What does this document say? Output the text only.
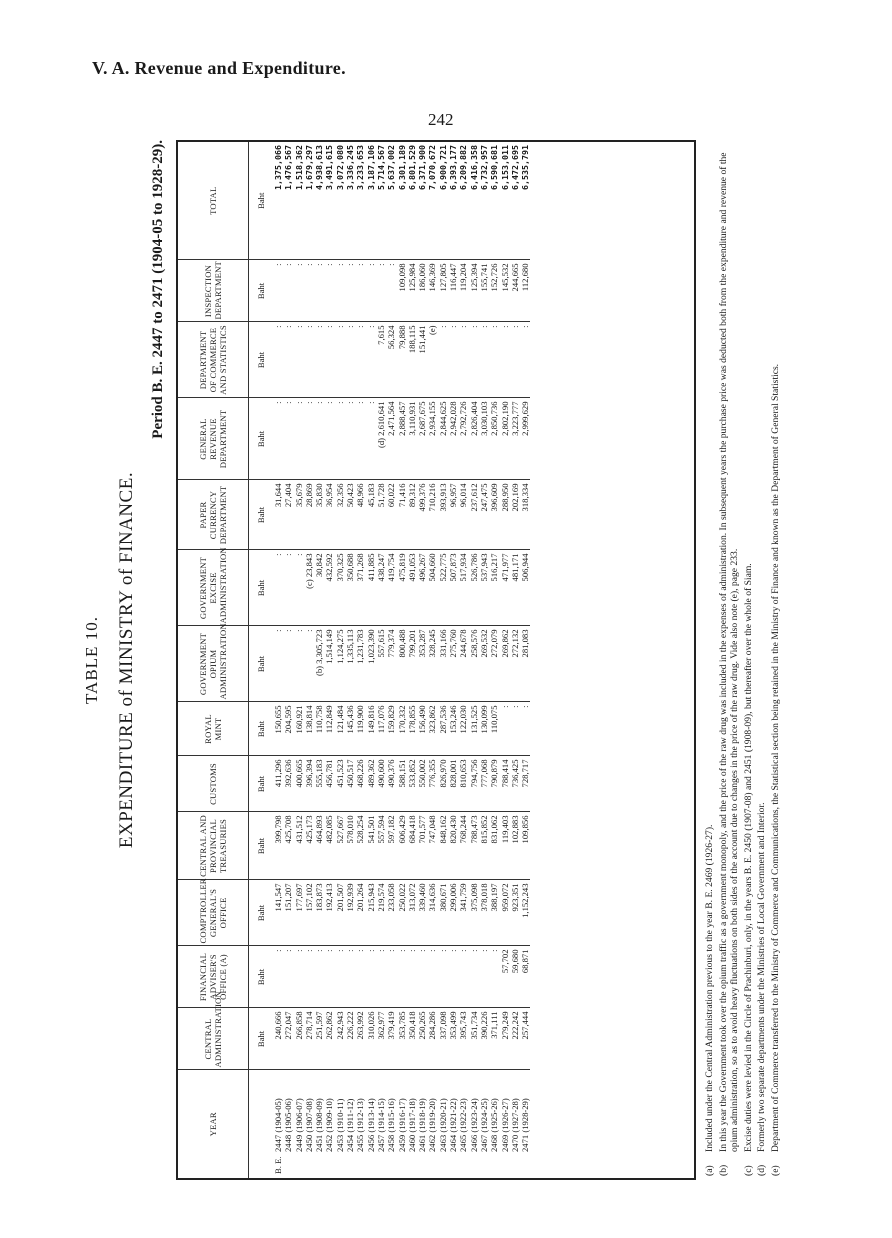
V. A. Revenue and Expenditure.
242
TABLE 10. EXPENDITURE of MINISTRY of FINANCE.
Period B. E. 2447 to 2471 (1904-05 to 1928-29).
YEAR	CENTRAL ADMINISTRATION	FINANCIAL ADVISER'S OFFICE (A)	COMPTROLLER GENERAL'S OFFICE	CENTRAL AND PROVINCIAL TREASURIES	CUSTOMS	ROYAL MINT	GOVERNMENT OPIUM ADMINISTRATION	GOVERNMENT EXCISE ADMINISTRATION	PAPER CURRENCY DEPARTMENT	GENERAL REVENUE DEPARTMENT	DEPARTMENT OF COMMERCE AND STATISTICS	INSPECTION DEPARTMENT	TOTAL
	Baht	Baht	Baht	Baht	Baht	Baht	Baht	Baht	Baht	Baht	Baht	Baht	Baht
B. E.2447 (1904-05)	240,666	:	141,547	399,798	411,296	150,655	:	:	31,644	:	:	:	1,375,066
2448 (1905-06)	272,047	:	151,207	425,708	392,636	204,595	:	:	27,404	:	:	:	1,476,567
2449 (1906-07)	266,858	:	177,697	431,512	400,665	160,921	:	:	35,679	:	:	:	1,518,362
2450 (1907-08)	278,714	:	157,102	425,173	396,394	138,814	:	(c) 23,843	28,869	:	:	:	1,679,297
2451 (1908-09)	251,597	:	183,873	464,893	555,183	110,758	(b) 3,305,723	30,842	35,830	:	:	:	4,938,613
2452 (1909-10)	262,862	:	192,413	482,085	456,781	112,849	1,514,149	432,592	36,954	:	:	:	3,491,615
2453 (1910-11)	242,943	:	201,507	527,667	451,523	121,484	1,124,275	370,325	32,356	:	:	:	3,072,080
2454 (1911-12)	226,222	:	192,939	578,010	450,517	145,436	1,335,113	350,688	50,423	:	:	:	3,336,245
2455 (1912-13)	263,992	:	201,264	528,254	468,226	119,900	1,231,783	371,268	48,966	:	:	:	3,233,653
2456 (1913-14)	310,026	:	215,943	541,501	489,362	149,816	1,023,390	411,885	45,183	:	:	:	3,187,106
2457 (1914-15)	362,977	:	219,574	557,594	490,600	117,076	557,615	438,247	51,728	(d) 2,610,641	7,615	:	5,714,567
2458 (1915-16)	379,419	:	233,058	597,182	490,376	159,829	779,374	419,754	60,022	2,471,564	56,324	:	5,637,002
2459 (1916-17)	353,785	:	250,022	606,429	588,151	170,332	800,488	475,819	71,416	2,888,457	79,888	109,098	6,301,189
2460 (1917-18)	350,418	:	313,072	684,418	533,852	178,855	799,201	491,053	89,312	3,110,931	188,115	125,984	6,801,529
2461 (1918-19)	250,265	:	339,460	701,577	550,002	156,490	353,287	496,267	499,376	2,687,675	151,441	186,060	6,371,900
2462 (1919-20)	284,286	:	314,636	747,048	776,355	323,862	328,245	504,660	710,216	2,934,155	(e)	146,369	7,070,672
2463 (1920-21)	337,098	:	380,671	848,162	826,970	287,536	331,166	522,775	393,913	2,844,625	:	127,805	6,900,721
2464 (1921-22)	353,499	:	299,006	820,430	828,001	153,246	275,760	507,873	96,957	2,942,028	:	116,447	6,393,177
2465 (1922-23)	395,743	:	341,759	768,244	810,653	122,030	244,678	517,934	96,014	2,792,726	:	119,204	6,209,882
2466 (1923-24)	351,734	:	375,098	788,473	794,756	131,525	258,576	526,786	237,612	2,826,404	:	125,394	6,416,358
2467 (1924-25)	390,226	:	378,018	815,852	777,068	130,099	269,532	537,943	247,475	3,030,103	:	155,741	6,732,957
2468 (1925-26)	371,111	:	388,197	831,062	790,879	110,075	272,079	516,217	396,609	2,850,736	:	152,726	6,590,681
2469 (1926-27)	279,249	57,702	959,072	119,403	788,414	:	269,862	471,977	288,950	2,802,190	:	145,532	6,153,011
2470 (1927-28)	222,242	59,680	923,351	102,883	736,425	:	272,132	481,171	202,169	3,223,777	:	244,665	6,472,695
2471 (1928-29)	257,444	68,871	1,152,243	109,856	728,717	:	281,083	506,944	318,334	2,999,629	:	112,680	6,535,791
(a)
Included under the Central Administration previous to the year B. E. 2469 (1926-27).
(b)
In this year the Government took over the opium traffic as a government monopoly, and the price of the raw drug was included in the expenses of administration. In subsequent years the purchase price was deducted both from the expenditure and revenue of the opium administration, so as to avoid heavy fluctuations on both sides of the account due to changes in the price of the raw drug. Vide also note (e), page 233.
(c)
Excise duties were levied in the Circle of Prachinburi, only, in the years B. E. 2450 (1907-08) and 2451 (1908-09), but thereafter over the whole of Siam.
(d)
Formerly two separate departments under the Ministries of Local Government and Interior.
(e)
Department of Commerce transferred to the Ministry of Commerce and Communications, the Statistical section being retained in the Ministry of Finance and known as the Department of General Statistics.
